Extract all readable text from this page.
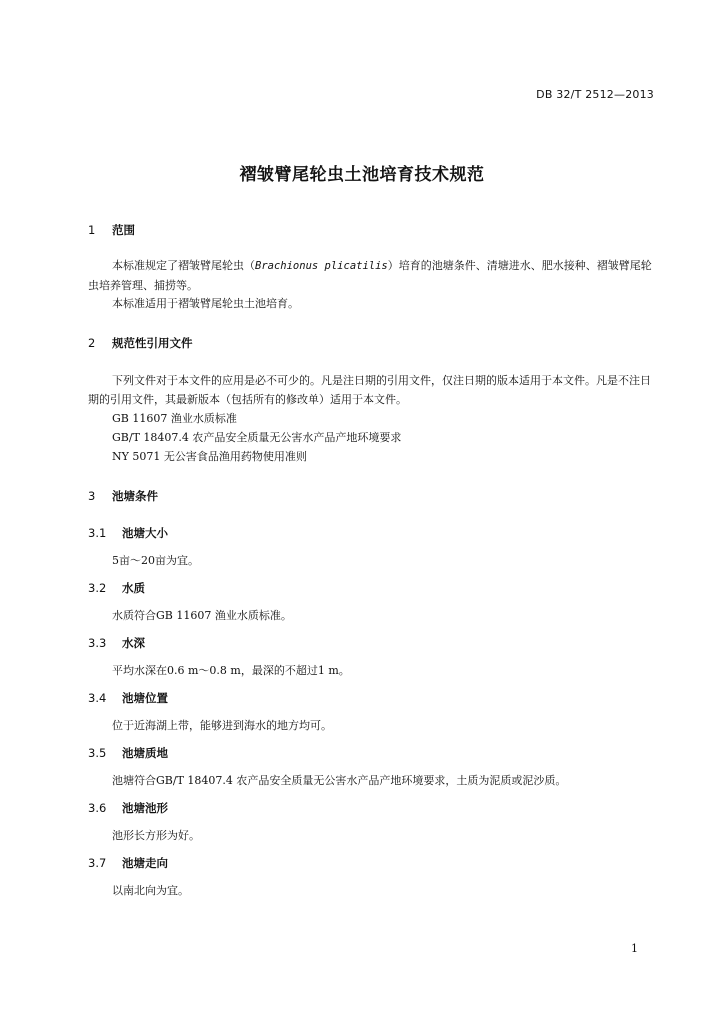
DB 32/T 2512—2013
褶皱臂尾轮虫土池培育技术规范
1 范围
本标准规定了褶皱臂尾轮虫（Brachionus plicatilis）培育的池塘条件、清塘进水、肥水接种、褶皱臂尾轮虫培养管理、捕捞等。
本标准适用于褶皱臂尾轮虫土池培育。
2 规范性引用文件
下列文件对于本文件的应用是必不可少的。凡是注日期的引用文件，仅注日期的版本适用于本文件。凡是不注日期的引用文件，其最新版本（包括所有的修改单）适用于本文件。
GB 11607 渔业水质标准
GB/T 18407.4 农产品安全质量无公害水产品产地环境要求
NY 5071 无公害食品渔用药物使用准则
3 池塘条件
3.1 池塘大小
5亩～20亩为宜。
3.2 水质
水质符合GB 11607 渔业水质标准。
3.3 水深
平均水深在0.6 m～0.8 m，最深的不超过1 m。
3.4 池塘位置
位于近海湖上带，能够进到海水的地方均可。
3.5 池塘质地
池塘符合GB/T 18407.4 农产品安全质量无公害水产品产地环境要求，土质为泥质或泥沙质。
3.6 池塘池形
池形长方形为好。
3.7 池塘走向
以南北向为宜。
1
